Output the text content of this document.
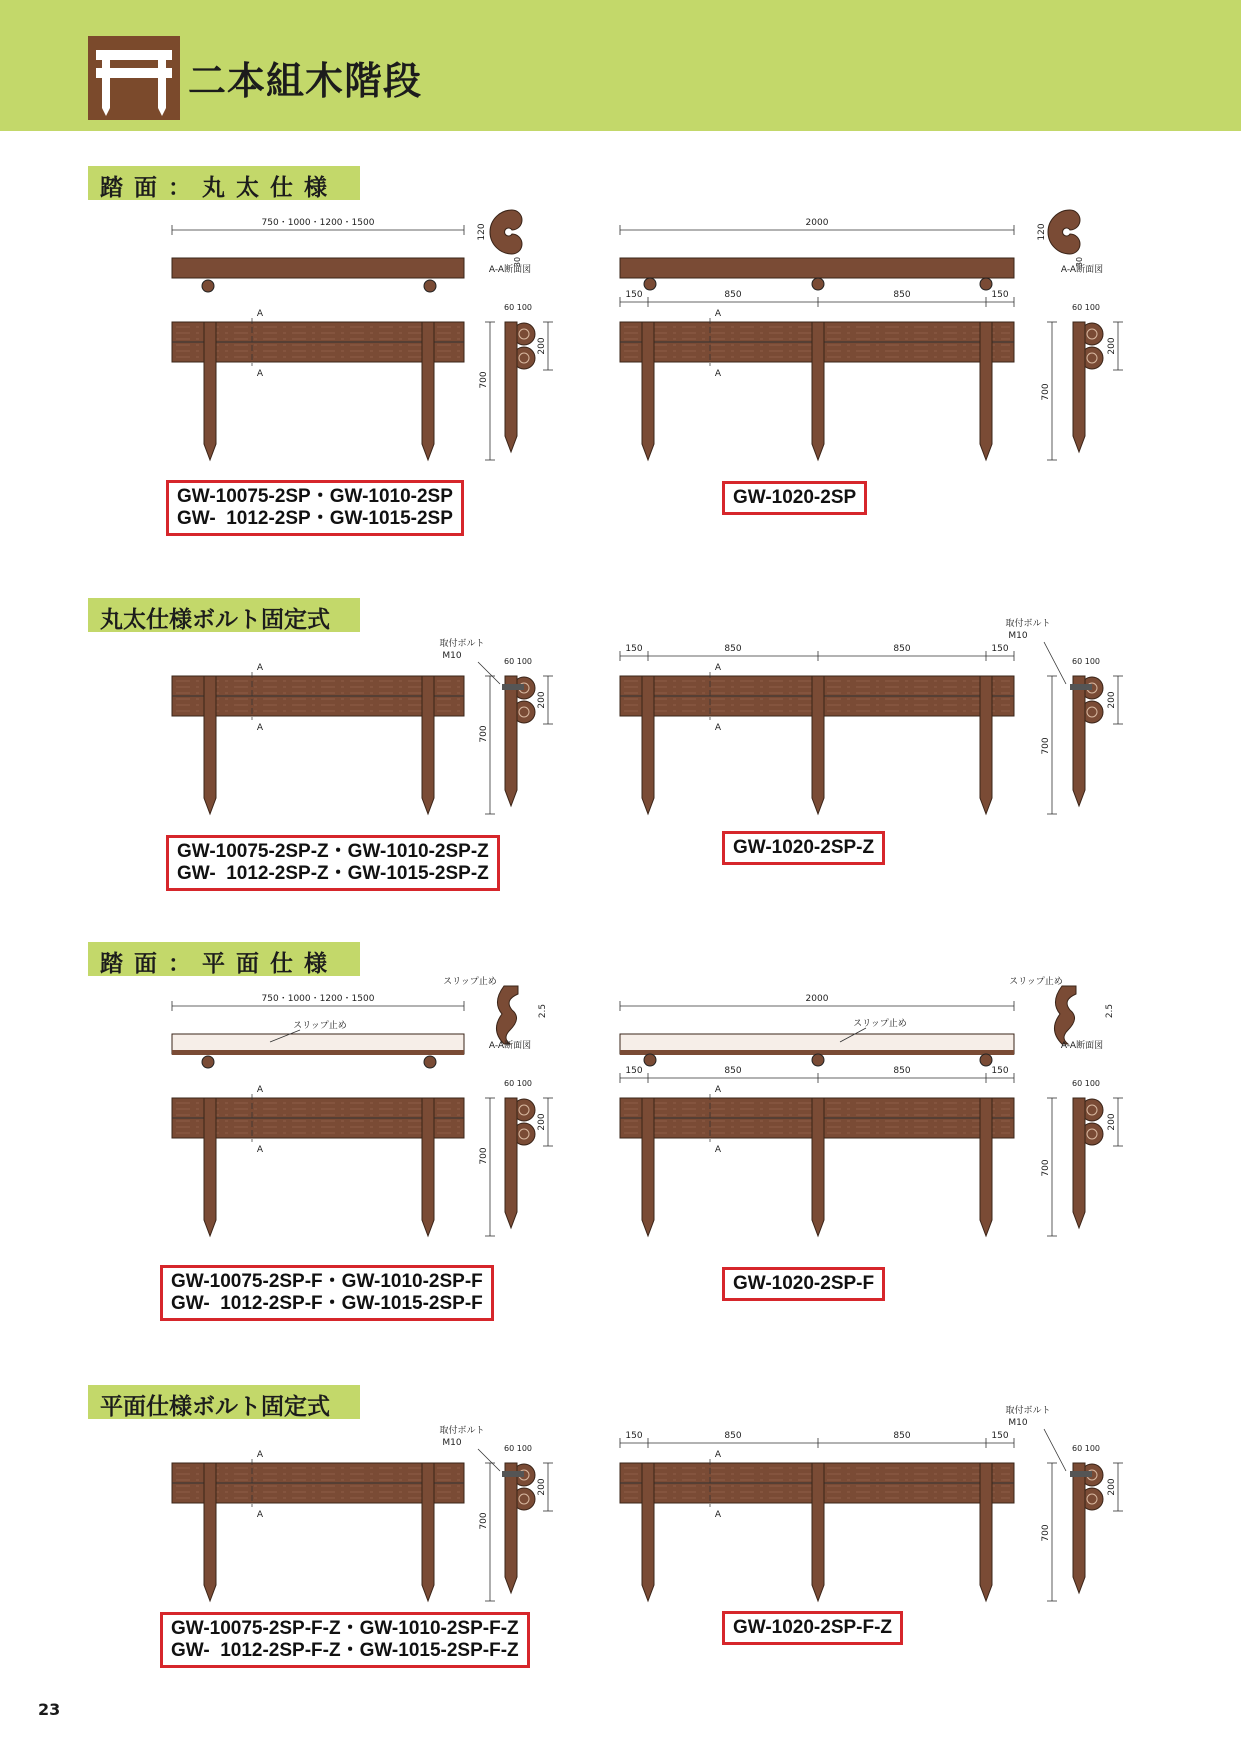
二本組木階段
踏面：丸太仕様
丸太仕様ボルト固定式
踏面：平面仕様
平面仕様ボルト固定式
750・1000・1200・1500
A-A断面図
120
30
A
A	700
60 100
200
2000
A-A断面図
120
30
150	850	850	150
A
A
700
60 100
200
A
A	700
60 100
200
取付ボルト
M10
150	850	850	150
A
A
700
60 100
200
取付ボルト
M10
750・1000・1200・1500
スリップ止め
A-A断面図
スリップ止め
2.5
A
A	700
60 100
200
2000
スリップ止め
A-A断面図
スリップ止め
2.5
150	850	850	150
A
A
700
60 100
200
A
A	700
60 100
200
取付ボルト
M10
150	850	850	150
A
A
700
60 100
200
取付ボルト
M10
GW-10075-2SP・GW-1010-2SP
GW-  1012-2SP・GW-1015-2SP
GW-1020-2SP
GW-10075-2SP-Z・GW-1010-2SP-Z
GW-  1012-2SP-Z・GW-1015-2SP-Z
GW-1020-2SP-Z
GW-10075-2SP-F・GW-1010-2SP-F
GW-  1012-2SP-F・GW-1015-2SP-F
GW-1020-2SP-F
GW-10075-2SP-F-Z・GW-1010-2SP-F-Z
GW-  1012-2SP-F-Z・GW-1015-2SP-F-Z
GW-1020-2SP-F-Z
23
